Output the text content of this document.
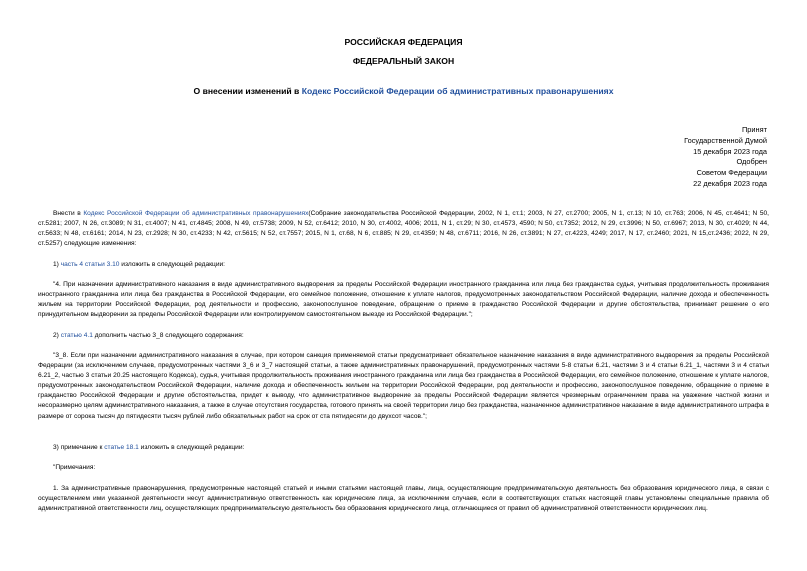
РОССИЙСКАЯ ФЕДЕРАЦИЯ
ФЕДЕРАЛЬНЫЙ ЗАКОН
О внесении изменений в Кодекс Российской Федерации об административных правонарушениях
Принят
Государственной Думой
15 декабря 2023 года
Одобрен
Советом Федерации
22 декабря 2023 года

Внести в Кодекс Российской Федерации об административных правонарушениях(Собрание законодательства Российской Федерации, 2002, N 1, ст.1; 2003, N 27, ст.2700; 2005, N 1, ст.13; N 10, ст.763; 2006, N 45, ст.4641; N 50, ст.5281; 2007, N 26, ст.3089; N 31, ст.4007; N 41, ст.4845; 2008, N 49, ст.5738; 2009, N 52, ст.6412; 2010, N 30, ст.4002, 4006; 2011, N 1, ст.29; N 30, ст.4573, 4590; N 50, ст.7352; 2012, N 29, ст.3996; N 50, ст.6967; 2013, N 30, ст.4029; N 44, ст.5633; N 48, ст.6161; 2014, N 23, ст.2928; N 30, ст.4233; N 42, ст.5615; N 52, ст.7557; 2015, N 1, ст.68, N 6, ст.885; N 29, ст.4359; N 48, ст.6711; 2016, N 26, ст.3891; N 27, ст.4223, 4249; 2017, N 17, ст.2460; 2021, N 15,ст.2436; 2022, N 29, ст.5257) следующие изменения:

1) часть 4 статьи 3.10 изложить в следующей редакции:

"4. При назначении административного наказания в виде административного выдворения за пределы Российской Федерации иностранного гражданина или лица без гражданства судья, учитывая продолжительность проживания иностранного гражданина или лица без гражданства в Российской Федерации, его семейное положение, отношение к уплате налогов, предусмотренных законодательством Российской Федерации, наличие дохода и обеспеченность жильем на территории Российской Федерации, род деятельности и профессию, законопослушное поведение, обращение о приеме в гражданство Российской Федерации и другие обстоятельства, принимает решение о его принудительном выдворении за пределы Российской Федерации или контролируемом самостоятельном выезде из Российской Федерации.";

2) статью 4.1 дополнить частью 3_8 следующего содержания:

"3_8. Если при назначении административного наказания в случае, при котором санкция применяемой статьи предусматривает обязательное назначение наказания в виде административного выдворения за пределы Российской Федерации (за исключением случаев, предусмотренных частями 3_6 и 3_7 настоящей статьи, а также административных правонарушений, предусмотренных частями 5-8 статьи 6.21, частями 3 и 4 статьи 6.21_1, частями 3 и 4 статьи 6.21_2, частью 3 статьи 20.25 настоящего Кодекса), судья, учитывая продолжительность проживания иностранного гражданина или лица без гражданства в Российской Федерации, его семейное положение, отношение к уплате налогов, предусмотренных законодательством Российской Федерации, наличие дохода и обеспеченность жильем на территории Российской Федерации, род деятельности и профессию, законопослушное поведение, обращение о приеме в гражданство Российской Федерации и другие обстоятельства, придет к выводу, что административное выдворение за пределы Российской Федерации является чрезмерным ограничением права на уважение частной жизни и несоразмерно целям административного наказания, а также в случае отсутствия государства, готового принять на своей территории лицо без гражданства, назначенное административное наказание в виде административного штрафа в размере от сорока тысяч до пятидесяти тысяч рублей либо обязательных работ на срок от ста пятидесяти до двухсот часов.";

3) примечание к статье 18.1 изложить в следующей редакции:

"Примечания:

1. За административные правонарушения, предусмотренные настоящей статьей и иными статьями настоящей главы, лица, осуществляющие предпринимательскую деятельность без образования юридического лица, в связи с осуществлением ими указанной деятельности несут административную ответственность как юридические лица, за исключением случаев, если в соответствующих статьях настоящей главы установлены специальные правила об административной ответственности лиц, осуществляющих предпринимательскую деятельность без образования юридического лица, отличающиеся от правил об административной ответственности юридических лиц.
